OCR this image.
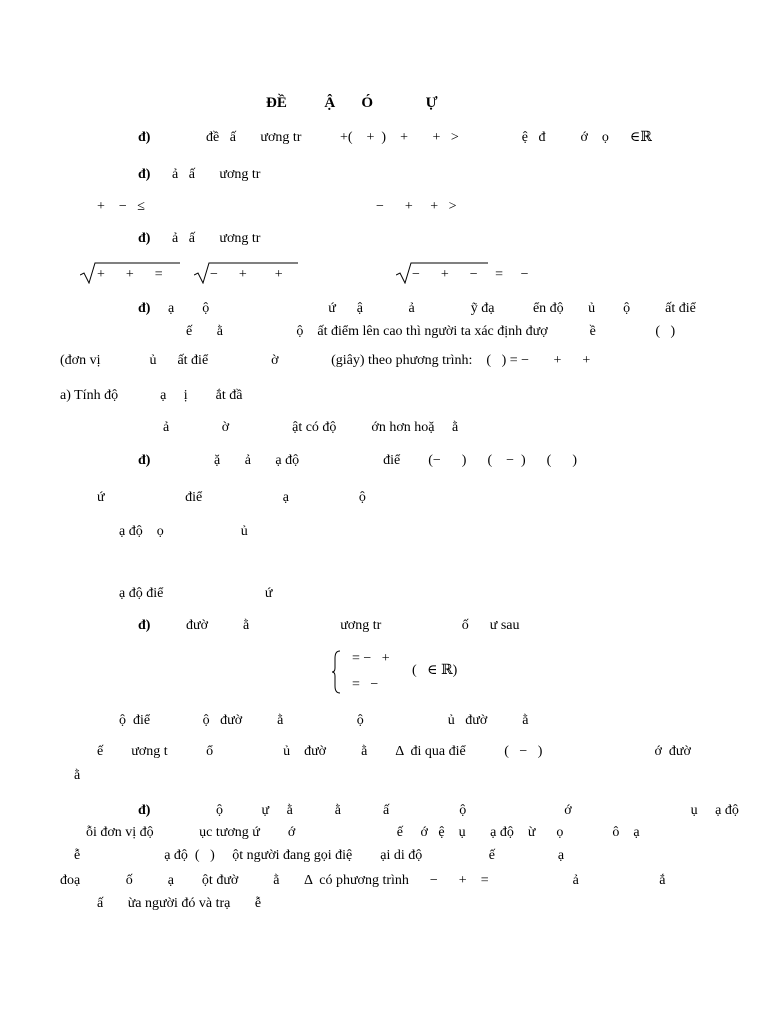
ĐỀ          Ậ       Ó              Ự
đ)	đề   ấ       ương tr           +(    +  )    +       +   >                  ệ   đ          ớ    ọ      ∈ℝ
đ) ả   ấ       ương tr
+    −   ≤                                                                  −      +     +   >
đ) ả   ấ       ương tr
+      +      =	−      +        +	−      +      −     =     −
đ) ạ        ộ                                  ứ      ậ             ả                ỹ đạ           ển độ       ủ        ộ          ất điể
ế       ằ                     ộ    ất điểm lên cao thì người ta xác định đượ            ề                 (   )
(đơn vị              ủ      ất điể                  ờ               (giây) theo phương trình:    (   ) = −       +      +
a) Tính độ            ạ     ị        ắt đầ
ả               ờ                  ật có độ          ớn hơn hoặ     ằ
đ)	ặ       ả       ạ độ                        điể        (−      )      (    −  )      (      )
ứ                       điể                       ạ                    ộ
ạ độ    ọ                      ủ
ạ độ điể                             ứ
đ)	đườ          ằ                          ương tr                       ố      ư sau
= −   +
=   −
(   ∈ ℝ)
ộ  điể               ộ   đườ          ằ                     ộ                        ủ   đườ          ằ
ế        ương t           ổ                    ủ    đườ          ằ        Δ  đi qua điể           (   −   )                                ớ  đườ
ằ
đ)	ộ           ự     ằ            ằ            ấ                    ộ                            ớ                                  ụ     ạ độ
ỗi đơn vị độ             ục tương ứ        ớ                             ế     ớ   ệ    ụ       ạ độ    ừ      ọ              ô    ạ
ễ                        ạ độ  (   )     ột người đang gọi điệ        ại di độ                   ế                  ạ
đoạ             ố          ạ        ột đườ          ằ       Δ  có phương trình      −      +    =                        ả                       ắ
ấ       ừa người đó và trạ       ễ
